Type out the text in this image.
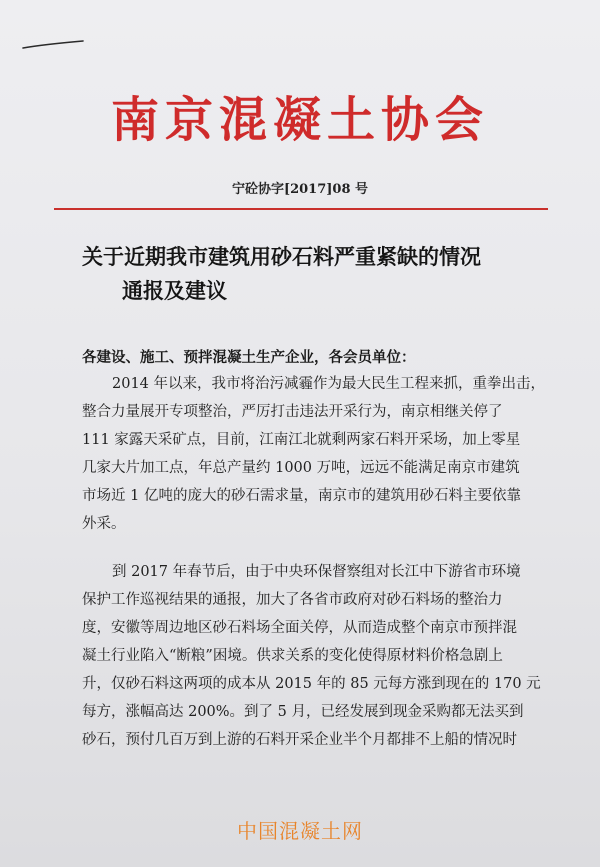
南京混凝土协会
宁砼协字[2017]08 号
关于近期我市建筑用砂石料严重紧缺的情况
通报及建议
各建设、施工、预拌混凝土生产企业，各会员单位：
2014 年以来，我市将治污减霾作为最大民生工程来抓，重拳出击，
整合力量展开专项整治，严厉打击违法开采行为，南京相继关停了
111 家露天采矿点，目前，江南江北就剩两家石料开采场，加上零星
几家大片加工点，年总产量约 1000 万吨，远远不能满足南京市建筑
市场近 1 亿吨的庞大的砂石需求量，南京市的建筑用砂石料主要依靠
外采。
到 2017 年春节后，由于中央环保督察组对长江中下游省市环境
保护工作巡视结果的通报，加大了各省市政府对砂石料场的整治力
度，安徽等周边地区砂石料场全面关停，从而造成整个南京市预拌混
凝土行业陷入“断粮”困境。供求关系的变化使得原材料价格急剧上
升，仅砂石料这两项的成本从 2015 年的 85 元每方涨到现在的 170 元
每方，涨幅高达 200%。到了 5 月，已经发展到现金采购都无法买到
砂石，预付几百万到上游的石料开采企业半个月都排不上船的情况时
中国混凝土网
